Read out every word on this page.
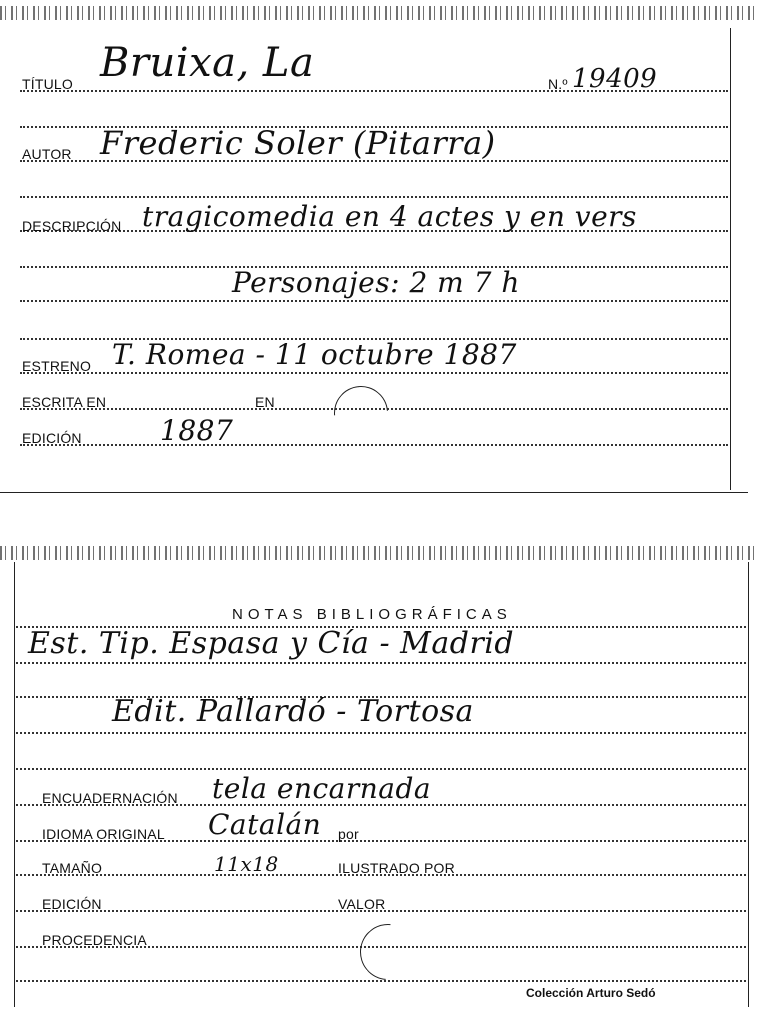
TÍTULO Bruixa, La	N.º 19409
AUTOR Frederic Soler (Pitarra)
DESCRIPCIÓN tragicomedia en 4 actes y en vers
Personajes: 2 m 7 h
ESTRENO T. Romea - 11 octubre 1887
ESCRITA EN	EN
EDICIÓN	1887
NOTAS BIBLIOGRÁFICAS
Est. Tip. Espasa y Cía - Madrid
Edit. Pallardó - Tortosa
ENCUADERNACIÓN tela encarnada
IDIOMA ORIGINAL Catalán por
TAMAÑO	11x18	ILUSTRADO POR
EDICIÓN	VALOR
PROCEDENCIA
Colección Arturo Sedó
